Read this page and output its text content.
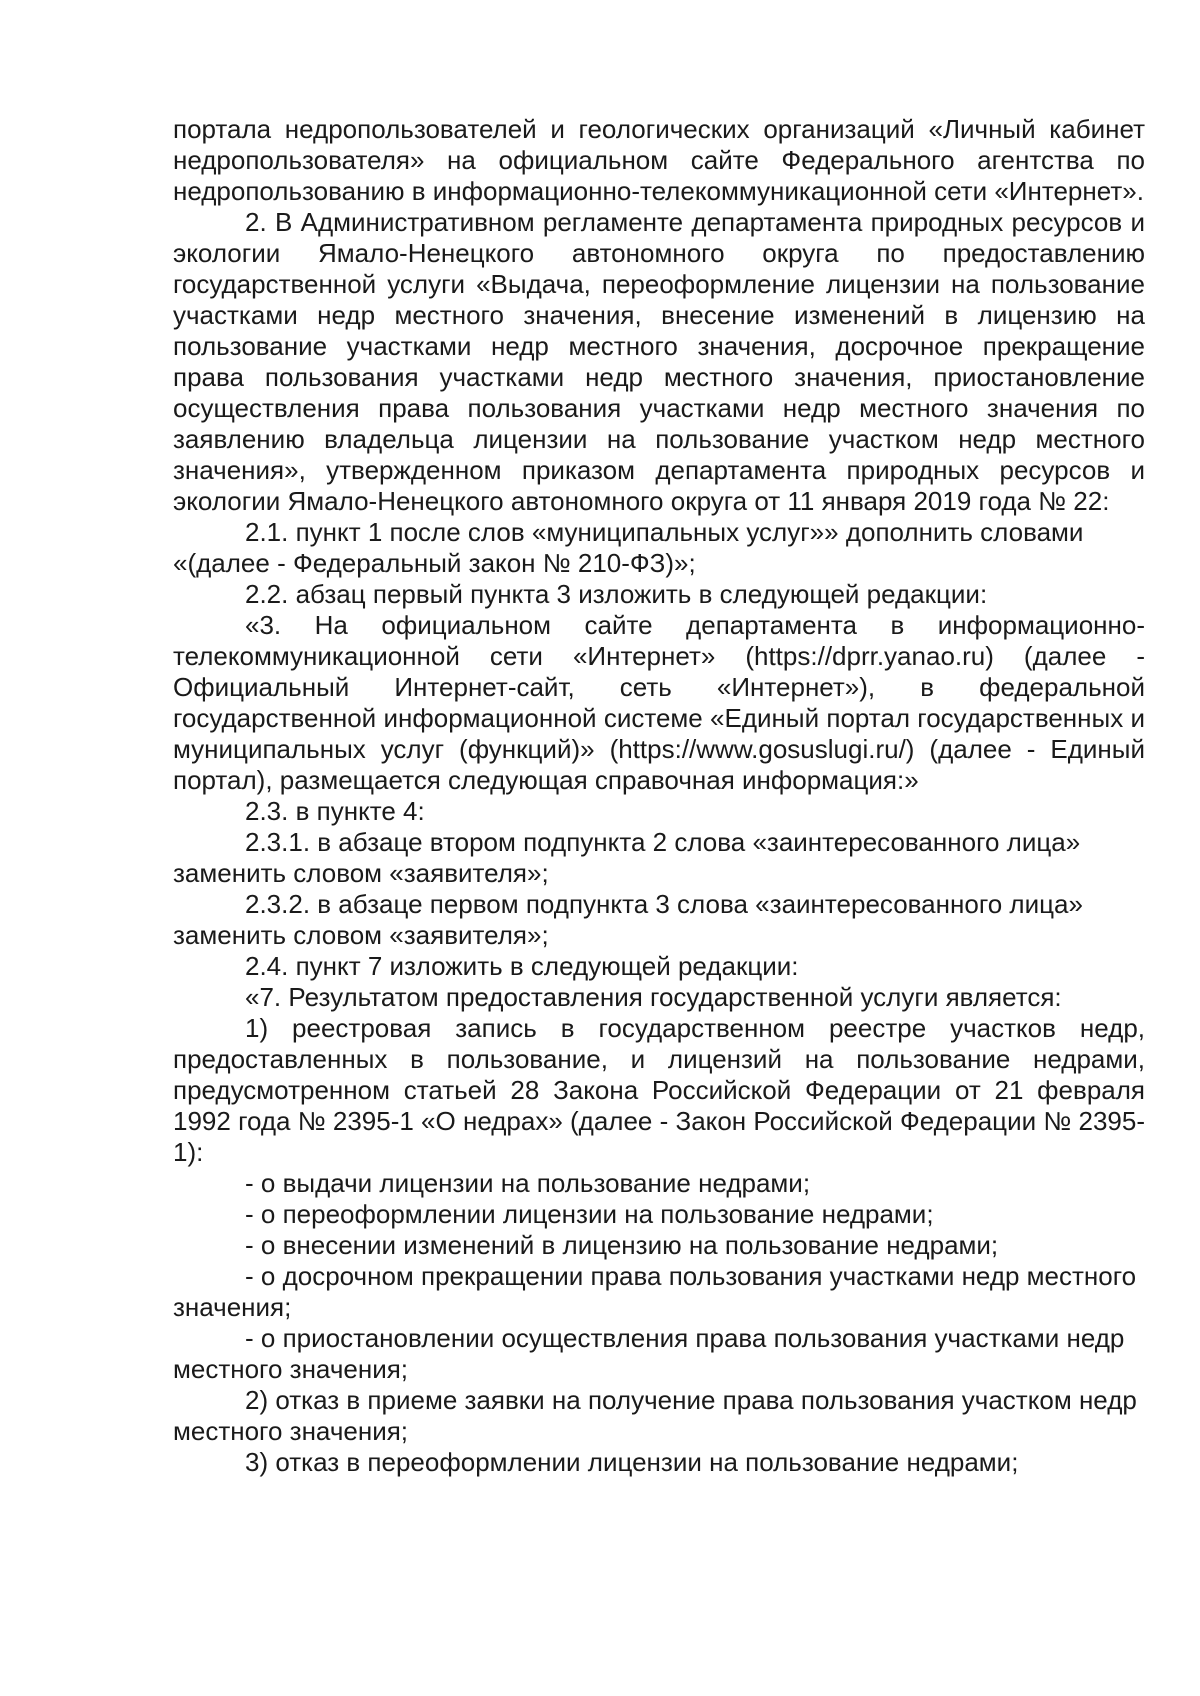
портала недропользователей и геологических организаций «Личный кабинет недропользователя» на официальном сайте Федерального агентства по недропользованию в информационно-телекоммуникационной сети «Интернет».

2. В Административном регламенте департамента природных ресурсов и экологии Ямало-Ненецкого автономного округа по предоставлению государственной услуги «Выдача, переоформление лицензии на пользование участками недр местного значения, внесение изменений в лицензию на пользование участками недр местного значения, досрочное прекращение права пользования участками недр местного значения, приостановление осуществления права пользования участками недр местного значения по заявлению владельца лицензии на пользование участком недр местного значения», утвержденном приказом департамента природных ресурсов и экологии Ямало-Ненецкого автономного округа от 11 января 2019 года № 22:

2.1. пункт 1 после слов «муниципальных услуг»» дополнить словами «(далее - Федеральный закон № 210-ФЗ)»;

2.2. абзац первый пункта 3 изложить в следующей редакции:

«3. На официальном сайте департамента в информационно-телекоммуникационной сети «Интернет» (https://dprr.yanao.ru) (далее - Официальный Интернет-сайт, сеть «Интернет»), в федеральной государственной информационной системе «Единый портал государственных и муниципальных услуг (функций)» (https://www.gosuslugi.ru/) (далее - Единый портал), размещается следующая справочная информация:»

2.3. в пункте 4:

2.3.1. в абзаце втором подпункта 2 слова «заинтересованного лица» заменить словом «заявителя»;

2.3.2. в абзаце первом подпункта 3 слова «заинтересованного лица» заменить словом «заявителя»;

2.4. пункт 7 изложить в следующей редакции:

«7. Результатом предоставления государственной услуги является:

1) реестровая запись в государственном реестре участков недр, предоставленных в пользование, и лицензий на пользование недрами, предусмотренном статьей 28 Закона Российской Федерации от 21 февраля 1992 года № 2395-1 «О недрах» (далее - Закон Российской Федерации № 2395-1):

- о выдачи лицензии на пользование недрами;

- о переоформлении лицензии на пользование недрами;

- о внесении изменений в лицензию на пользование недрами;

- о досрочном прекращении права пользования участками недр местного значения;

- о приостановлении осуществления права пользования участками недр местного значения;

2) отказ в приеме заявки на получение права пользования участком недр местного значения;

3) отказ в переоформлении лицензии на пользование недрами;
